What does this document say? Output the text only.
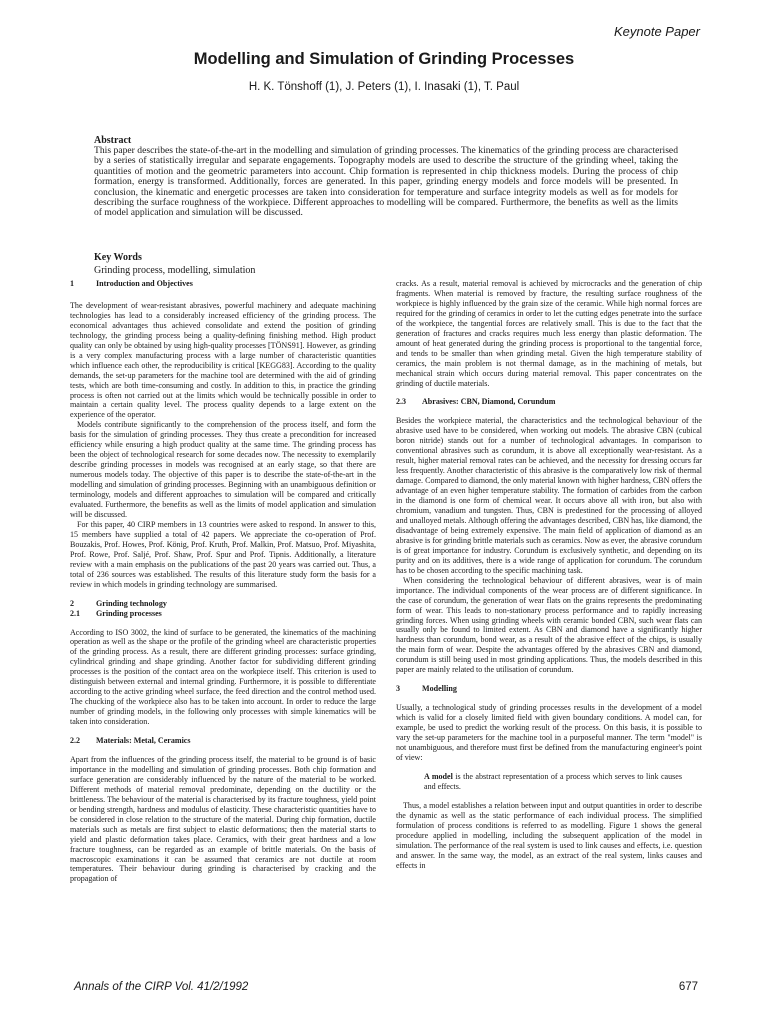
Keynote Paper
Modelling and Simulation of Grinding Processes
H. K. Tönshoff (1), J. Peters (1), I. Inasaki (1), T. Paul
Abstract
This paper describes the state-of-the-art in the modelling and simulation of grinding processes. The kinematics of the grinding process are characterised by a series of statistically irregular and separate engagements. Topography models are used to describe the structure of the grinding wheel, taking the quantities of motion and the geometric parameters into account. Chip formation is represented in chip thickness models. During the process of chip formation, energy is transformed. Additionally, forces are generated. In this paper, grinding energy models and force models will be presented. In conclusion, the kinematic and energetic processes are taken into consideration for temperature and surface integrity models as well as for models for describing the surface roughness of the workpiece. Different approaches to modelling will be compared. Furthermore, the benefits as well as the limits of model application and simulation will be discussed.
Key Words
Grinding process, modelling, simulation
1	Introduction and Objectives

The development of wear-resistant abrasives, powerful machinery and adequate machining technologies has lead to a considerably increased efficiency of the grinding process. The economical advantages thus achieved consolidate and extend the position of grinding technology, the grinding process being a quality-defining finishing method. High product quality can only be obtained by using high-quality processes [TÖNS91]. However, as grinding is a very complex manufacturing process with a large number of characteristic quantities which influence each other, the reproducibility is critical [KEGG83]. According to the quality demands, the set-up parameters for the machine tool are determined with the aid of grinding tests, which are both time-consuming and costly. In addition to this, in practice the grinding process is often not carried out at the limits which would be technically possible in order to maintain a certain quality level. The process quality depends to a large extent on the experience of the operator.

Models contribute significantly to the comprehension of the process itself, and form the basis for the simulation of grinding processes. They thus create a precondition for increased efficiency while ensuring a high product quality at the same time. The grinding process has been the object of technological research for some decades now. The necessity to exemplarily describe grinding processes in models was recognised at an early stage, so that there are numerous models today. The objective of this paper is to describe the state-of-the-art in the modelling and simulation of grinding processes. Beginning with an unambiguous definition or terminology, models and different approaches to simulation will be compared and critically evaluated. Furthermore, the benefits as well as the limits of model application and simulation will be discussed.

For this paper, 40 CIRP members in 13 countries were asked to respond. In answer to this, 15 members have supplied a total of 42 papers. We appreciate the co-operation of Prof. Bouzakis, Prof. Howes, Prof. König, Prof. Kruth, Prof. Malkin, Prof. Matsuo, Prof. Miyashita, Prof. Rowe, Prof. Saljé, Prof. Shaw, Prof. Spur and Prof. Tipnis. Additionally, a literature review with a main emphasis on the publications of the past 20 years was carried out. Thus, a total of 236 sources was established. The results of this literature study form the basis for a review in which models in grinding technology are summarised.

2	Grinding technology
2.1	Grinding processes

According to ISO 3002, the kind of surface to be generated, the kinematics of the machining operation as well as the shape or the profile of the grinding wheel are characteristic properties of the grinding process. As a result, there are different grinding processes: surface grinding, cylindrical grinding and shape grinding. Another factor for subdividing different grinding processes is the position of the contact area on the workpiece itself. This criterion is used to distinguish between external and internal grinding. Furthermore, it is possible to differentiate according to the active grinding wheel surface, the feed direction and the control method used. The chucking of the workpiece also has to be taken into account. In order to reduce the large number of grinding models, in the following only processes with simple kinematics will be taken into consideration.

2.2	Materials: Metal, Ceramics

Apart from the influences of the grinding process itself, the material to be ground is of basic importance in the modelling and simulation of grinding processes. Both chip formation and surface generation are considerably influenced by the nature of the material to be worked. Different methods of material removal predominate, depending on the ductility or the brittleness. The behaviour of the material is characterised by its fracture toughness, yield point or bending strength, hardness and modulus of elasticity. These characteristic quantities have to be considered in close relation to the structure of the material. During chip formation, ductile materials such as metals are first subject to elastic deformations; then the material starts to yield and plastic deformation takes place. Ceramics, with their great hardness and a low fracture toughness, can be regarded as an example of brittle materials. On the basis of macroscopic examinations it can be assumed that ceramics are not ductile at room temperatures. Their behaviour during grinding is characterised by cracking and the propagation of

cracks. As a result, material removal is achieved by microcracks and the generation of chip fragments. When material is removed by fracture, the resulting surface roughness of the workpiece is highly influenced by the grain size of the ceramic. While high normal forces are required for the grinding of ceramics in order to let the cutting edges penetrate into the surface of the workpiece, the tangential forces are relatively small. This is due to the fact that the generation of fractures and cracks requires much less energy than plastic deformation. The amount of heat generated during the grinding process is proportional to the tangential force, and tends to be smaller than when grinding metal. Given the high temperature stability of ceramics, the main problem is not thermal damage, as in the machining of metals, but mechanical strain which occurs during material removal. This paper concentrates on the grinding of ductile materials.

2.3	Abrasives: CBN, Diamond, Corundum

Besides the workpiece material, the characteristics and the technological behaviour of the abrasive used have to be considered, when working out models. The abrasive CBN (cubical boron nitride) stands out for a number of technological advantages. In comparison to conventional abrasives such as corundum, it is above all exceptionally wear-resistant. As a result, higher material removal rates can be achieved, and the necessity for dressing occurs far less frequently. Another characteristic of this abrasive is the comparatively low risk of thermal damage. Compared to diamond, the only material known with higher hardness, CBN offers the advantage of an even higher temperature stability. The formation of carbides from the carbon in the diamond is one form of chemical wear. It occurs above all with iron, but also with chromium, vanadium and tungsten. Thus, CBN is predestined for the processing of alloyed and unalloyed metals. Although offering the advantages described, CBN has, like diamond, the disadvantage of being extremely expensive. The main field of application of diamond as an abrasive is for grinding brittle materials such as ceramics. Now as ever, the abrasive corundum is of great importance for industry. Corundum is exclusively synthetic, and depending on its purity and on its additives, there is a wide range of application for corundum. The corundum has to be chosen according to the specific machining task.

When considering the technological behaviour of different abrasives, wear is of main importance. The individual components of the wear process are of different significance. In the case of corundum, the generation of wear flats on the grains represents the predominating form of wear. This leads to non-stationary process performance and to rapidly increasing grinding forces. When using grinding wheels with ceramic bonded CBN, such wear flats can usually only be found to limited extent. As CBN and diamond have a significantly higher hardness than corundum, bond wear, as a result of the abrasive effect of the chips, is usually the main form of wear. Despite the advantages offered by the abrasives CBN and diamond, corundum is still being used in most grinding applications. Thus, the models described in this paper are mainly related to the utilisation of corundum.

3	Modelling

Usually, a technological study of grinding processes results in the development of a model which is valid for a closely limited field with given boundary conditions. A model can, for example, be used to predict the working result of the process. On this basis, it is possible to vary the set-up parameters for the machine tool in a purposeful manner. The term "model" is not unambiguous, and therefore must first be defined from the manufacturing engineer's point of view:

A model is the abstract representation of a process which serves to link causes and effects.

Thus, a model establishes a relation between input and output quantities in order to describe the dynamic as well as the static performance of each individual process. The simplified formulation of process conditions is referred to as modelling. Figure 1 shows the general procedure applied in modelling, including the subsequent application of the model in simulation. The performance of the real system is used to link causes and effects, i.e. question and answer. In the same way, the model, as an extract of the real system, links causes and effects in

Annals of the CIRP Vol. 41/2/1992	677
